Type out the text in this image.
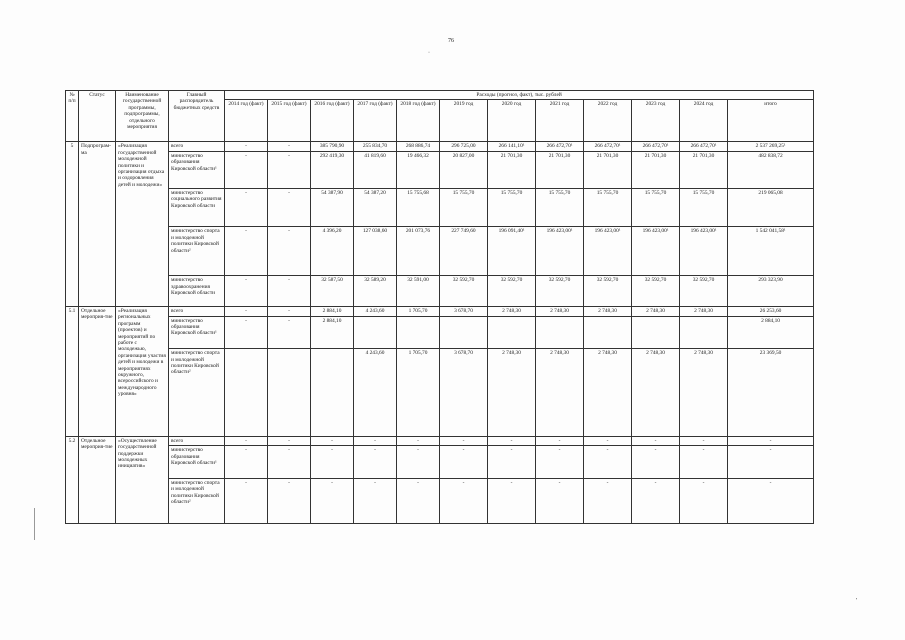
76
·
'
№ п/п	Статус	Наименование государственной программы, подпрограммы, отдельного мероприятия	Главный распорядитель бюджетных средств	Расходы (прогноз, факт), тыс. рублей											
				2014 год (факт)	2015 год (факт)	2016 год (факт)	2017 год (факт)	2018 год (факт)	2019 год	2020 год	2021 год	2022 год	2023 год	2024 год	итого
5	Подпрограм-ма	«Реализация государственной молодежной политики и организация отдыха и оздоровления детей и молодежи»	всего	-	-	385 790,90	255 834,70	268 886,74	296 725,00	266 141,10¹	266 472,70¹	266 472,70¹	266 472,70¹	266 472,70¹	2 537 269,25¹
			министерство образования Кировской области¹	-	-	292 419,30	41 819,60	19 466,32	20 827,00	21 701,30	21 701,30	21 701,30	21 701,30	21 701,30	482 838,72
			министерство социального развития Кировской области	-	-	54 387,90	54 387,20	15 755,68	15 755,70	15 755,70	15 755,70	15 755,70	15 755,70	15 755,70	219 065,08
			министерство спорта и молодежной политики Кировской области²	-	-	4 396,20	127 038,60	201 073,76	227 749,60	196 091,40¹	196 423,00¹	196 423,00¹	196 423,00¹	196 423,00¹	1 542 041,58¹
			министерство здравоохранения Кировской области	-	-	32 587,50	32 589,20	32 591,00	32 592,70	32 592,70	32 592,70	32 592,70	32 592,70	32 592,70	293 323,90
5.1	Отдельное мероприя-тие	«Реализация региональных программ (проектов) и мероприятий по работе с молодежью, организация участия детей и молодежи в мероприятиях окружного, всероссийского и международного уровня»	всего	-	-	2 884,10	4 243,60	1 705,70	3 678,70	2 748,30	2 748,30	2 748,30	2 748,30	2 748,30	26 253,60
			министерство образования Кировской области¹	-	-	2 884,10									2 884,10
			министерство спорта и молодежной политики Кировской области²				4 243,60	1 705,70	3 678,70	2 748,30	2 748,30	2 748,30	2 748,30	2 748,30	23 369,50
5.2	Отдельное мероприя-тие	«Осуществление государственной поддержки молодежных инициатив»	всего	-	-	-	-	-	-	-	-	-	-	-	-
			министерство образования Кировской области¹	-	-	-	-	-	-	-	-	-	-	-	-
			министерство спорта и молодежной политики Кировской области²	-	-	-	-	-	-	-	-	-	-	-	-
